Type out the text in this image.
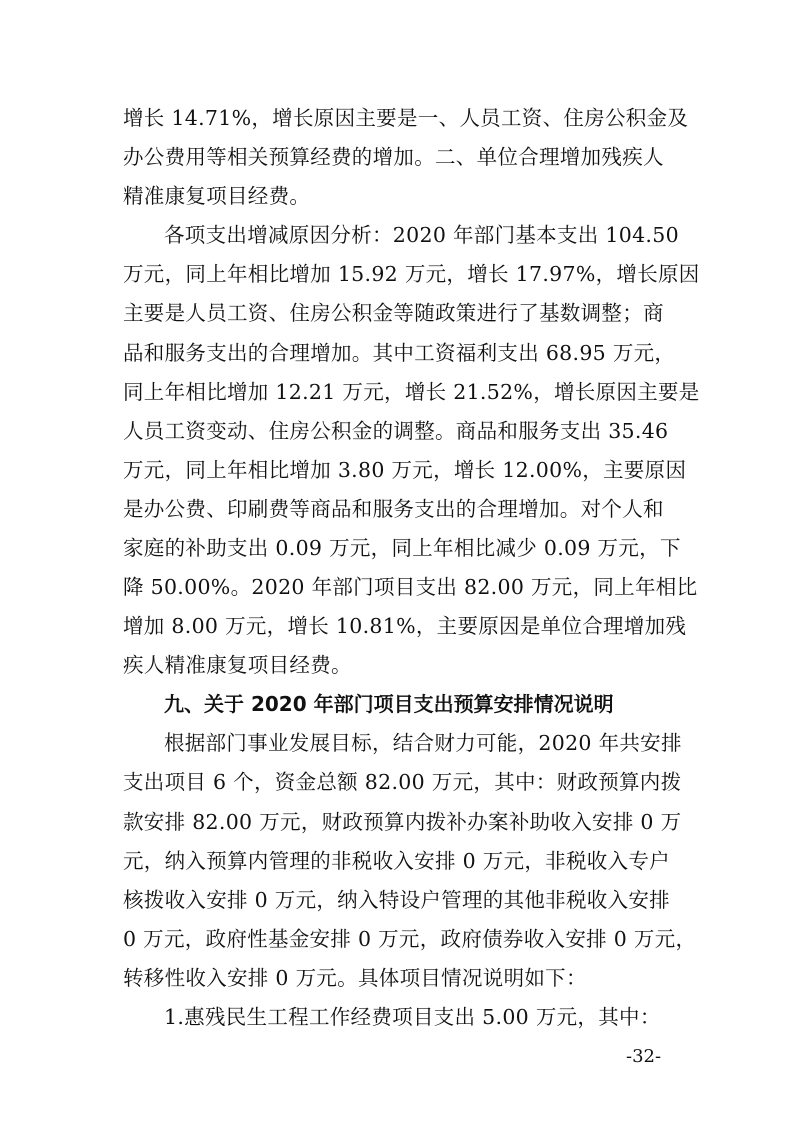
增长 14.71%，增长原因主要是一、人员工资、住房公积金及
办公费用等相关预算经费的增加。二、单位合理增加残疾人
精准康复项目经费。
各项支出增减原因分析：2020 年部门基本支出 104.50
万元，同上年相比增加 15.92 万元，增长 17.97%，增长原因
主要是人员工资、住房公积金等随政策进行了基数调整；商
品和服务支出的合理增加。其中工资福利支出 68.95 万元，
同上年相比增加 12.21 万元，增长 21.52%，增长原因主要是
人员工资变动、住房公积金的调整。商品和服务支出 35.46
万元，同上年相比增加 3.80 万元，增长 12.00%，主要原因
是办公费、印刷费等商品和服务支出的合理增加。对个人和
家庭的补助支出 0.09 万元，同上年相比减少 0.09 万元，下
降 50.00%。2020 年部门项目支出 82.00 万元，同上年相比
增加 8.00 万元，增长 10.81%，主要原因是单位合理增加残
疾人精准康复项目经费。
九、关于 2020 年部门项目支出预算安排情况说明
根据部门事业发展目标，结合财力可能，2020 年共安排
支出项目 6 个，资金总额 82.00 万元，其中：财政预算内拨
款安排 82.00 万元，财政预算内拨补办案补助收入安排 0 万
元，纳入预算内管理的非税收入安排 0 万元，非税收入专户
核拨收入安排 0 万元，纳入特设户管理的其他非税收入安排
0 万元，政府性基金安排 0 万元，政府债券收入安排 0 万元，
转移性收入安排 0 万元。具体项目情况说明如下：
1.惠残民生工程工作经费项目支出 5.00 万元，其中：
-32-
